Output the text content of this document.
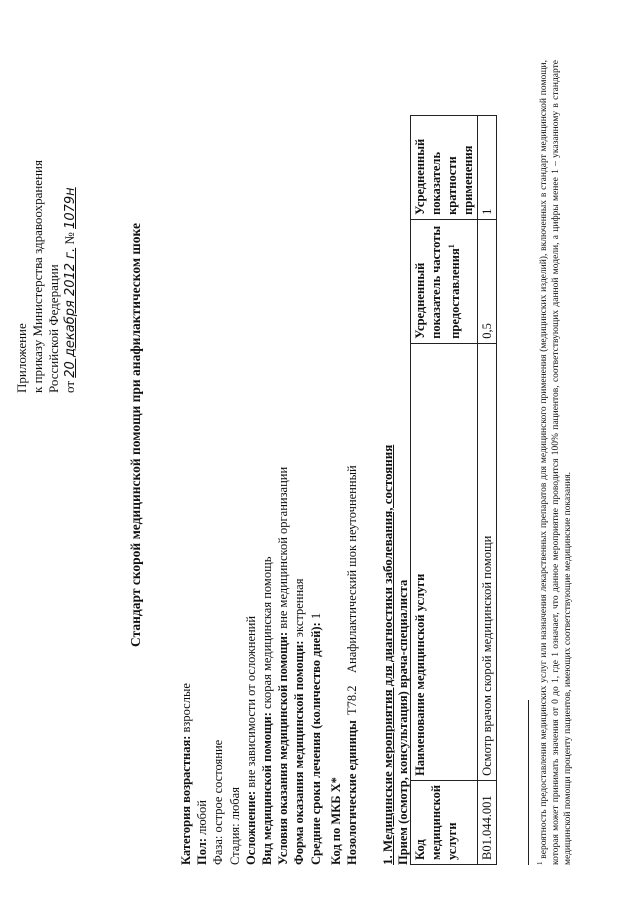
Приложение к приказу Министерства здравоохранения Российской Федерации от 20 декабря 2012 г. № 1079н
Стандарт скорой медицинской помощи при анафилактическом шоке
Категория возрастная: взрослые
Пол: любой
Фаза: острое состояние
Стадия: любая Осложнение: вне зависимости от осложнений Вид медицинской помощи: скорая медицинская помощь Условия оказания медицинской помощи: вне медицинской организации
Форма оказания медицинской помощи: экстренная
Средние сроки лечения (количество дней): 1
Код по МКБ X* Нозологические единицы
T78.2    Анафилактический шок неуточненный 1. Медицинские мероприятия для диагностики заболевания, состояния Прием (осмотр, консультация) врача-специалиста Код медицинской услуги	Наименование медицинской услуги	Усредненный показатель частоты предоставления$^1$	Усредненный показатель кратности применения
B01.044.001	Осмотр врачом скорой медицинской помощи	0,5	1
$^1$ вероятность предоставления медицинских услуг или назначения лекарственных препаратов для медицинского применения (медицинских изделий), включенных в стандарт медицинской помощи, которая может принимать значения от 0 до 1, где 1 означает, что данное мероприятие проводится 100% пациентов, соответствующих данной модели, а цифры менее 1 – указанному в стандарте медицинской помощи проценту пациентов, имеющих соответствующие медицинские показания.
